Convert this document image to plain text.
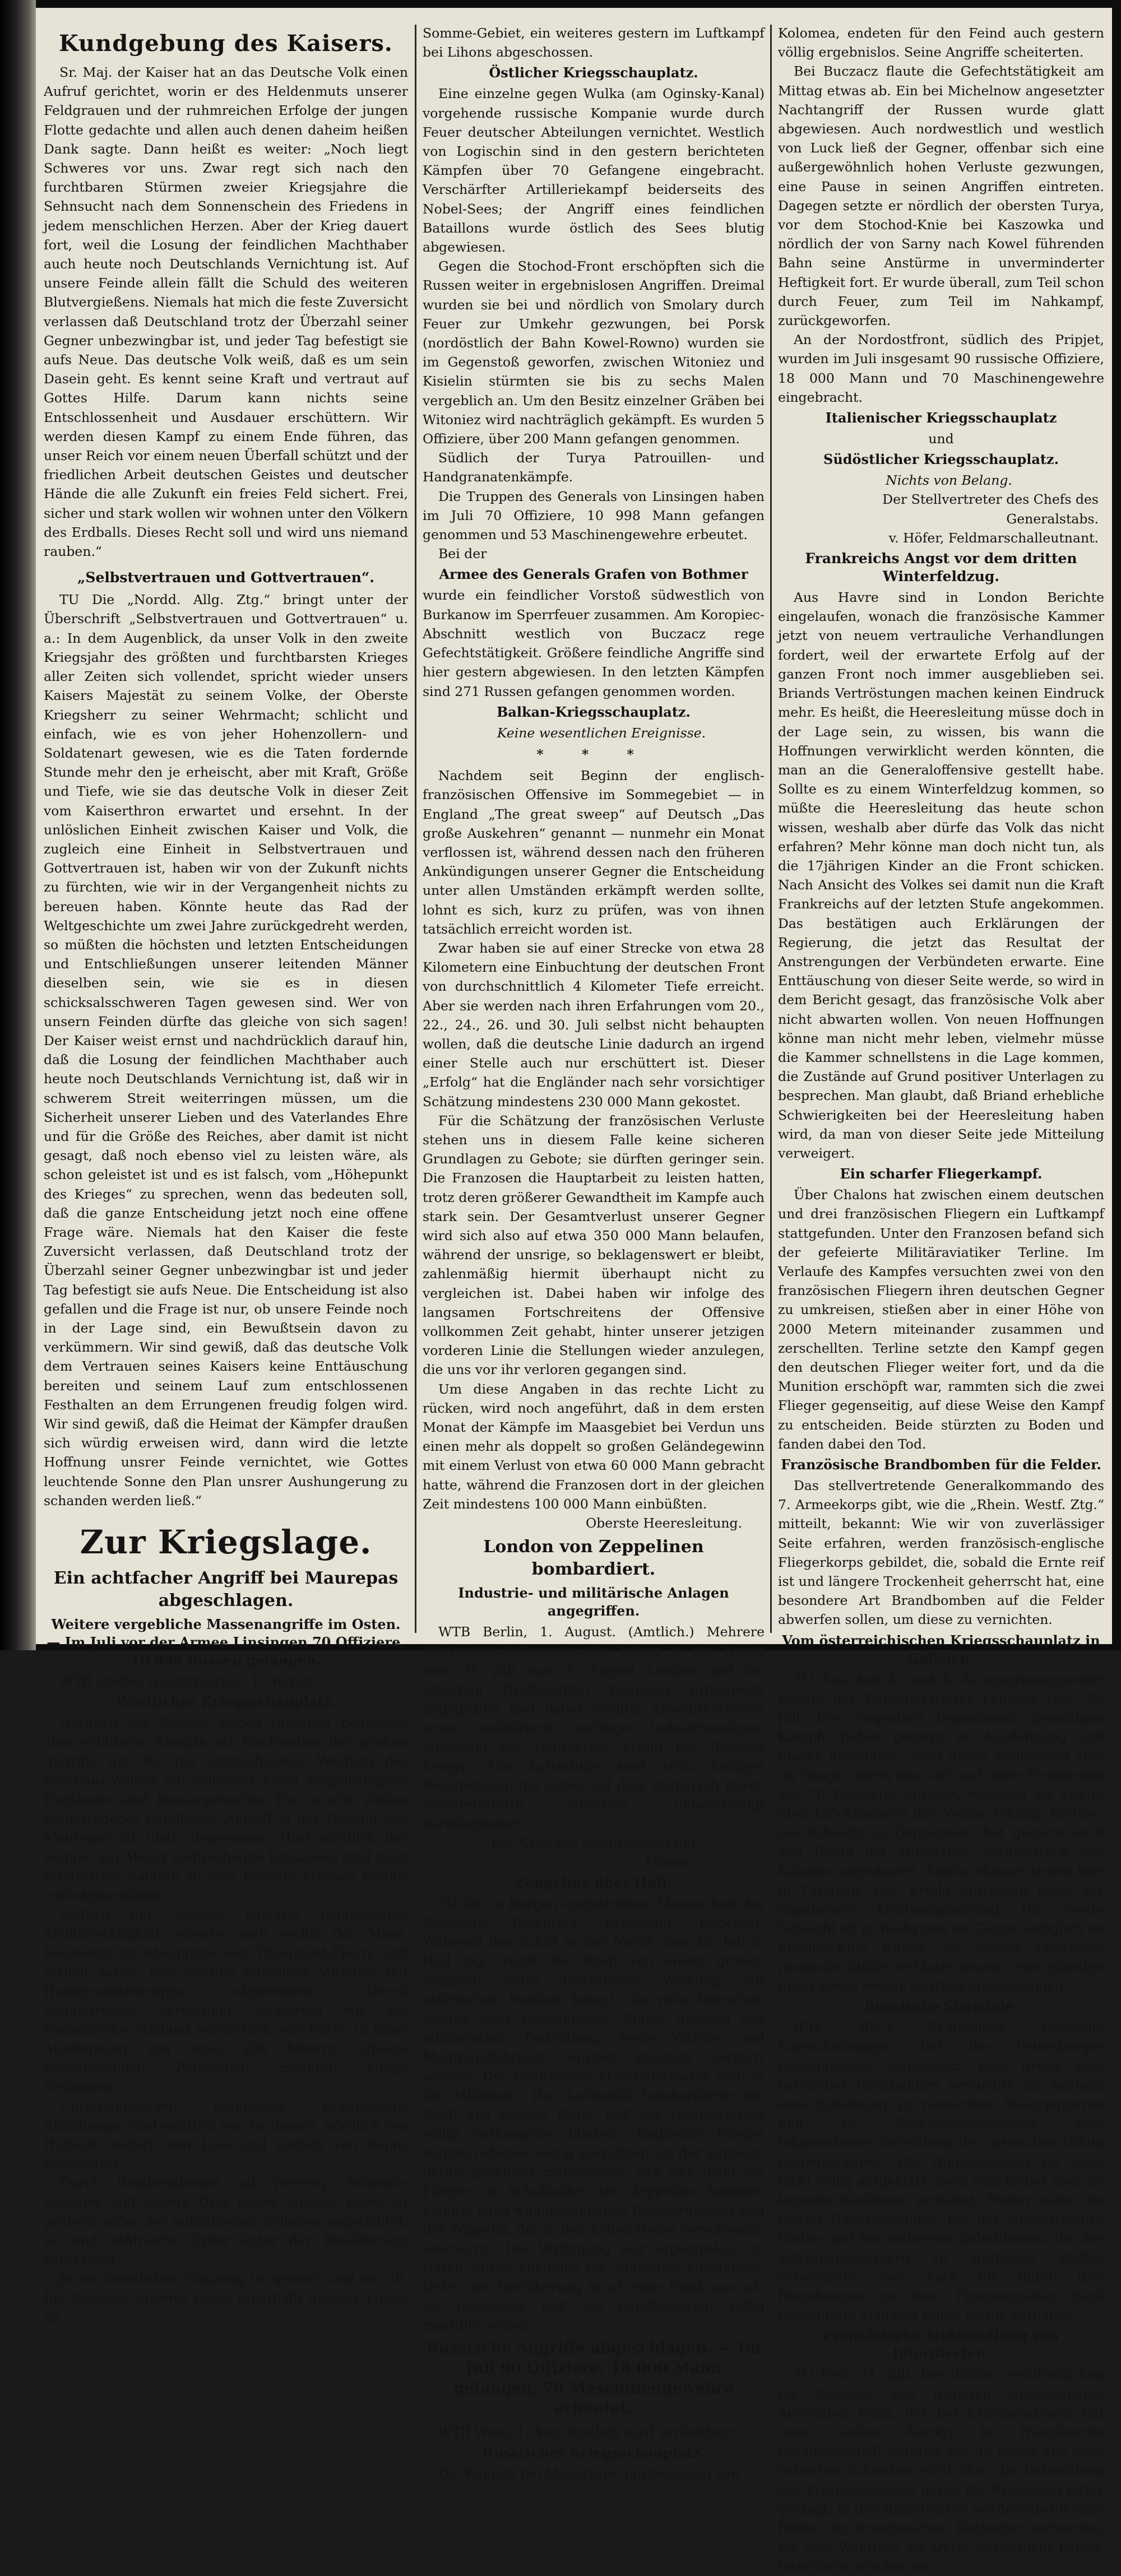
Kundgebung des Kaisers.

Sr. Maj. der Kaiser hat an das Deutsche Volk einen Aufruf gerichtet, worin er des Heldenmuts unserer Feldgrauen und der ruhmreichen Erfolge der jungen Flotte gedachte und allen auch denen daheim heißen Dank sagte. Dann heißt es weiter: „Noch liegt Schweres vor uns. Zwar regt sich nach den furchtbaren Stürmen zweier Kriegsjahre die Sehnsucht nach dem Sonnenschein des Friedens in jedem menschlichen Herzen. Aber der Krieg dauert fort, weil die Losung der feindlichen Machthaber auch heute noch Deutschlands Vernichtung ist. Auf unsere Feinde allein fällt die Schuld des weiteren Blutvergießens. Niemals hat mich die feste Zuversicht verlassen daß Deutschland trotz der Überzahl seiner Gegner unbezwingbar ist, und jeder Tag befestigt sie aufs Neue. Das deutsche Volk weiß, daß es um sein Dasein geht. Es kennt seine Kraft und vertraut auf Gottes Hilfe. Darum kann nichts seine Entschlossenheit und Ausdauer erschüttern. Wir werden diesen Kampf zu einem Ende führen, das unser Reich vor einem neuen Überfall schützt und der friedlichen Arbeit deutschen Geistes und deutscher Hände die alle Zukunft ein freies Feld sichert. Frei, sicher und stark wollen wir wohnen unter den Völkern des Erdballs. Dieses Recht soll und wird uns niemand rauben.“

„Selbstvertrauen und Gottvertrauen“.

TU Die „Nordd. Allg. Ztg.“ bringt unter der Überschrift „Selbstvertrauen und Gottvertrauen“ u. a.: In dem Augenblick, da unser Volk in den zweite Kriegsjahr des größten und furchtbarsten Krieges aller Zeiten sich vollendet, spricht wieder unsers Kaisers Majestät zu seinem Volke, der Oberste Kriegsherr zu seiner Wehrmacht; schlicht und einfach, wie es von jeher Hohenzollern- und Soldatenart gewesen, wie es die Taten fordernde Stunde mehr den je erheischt, aber mit Kraft, Größe und Tiefe, wie sie das deutsche Volk in dieser Zeit vom Kaiserthron erwartet und ersehnt. In der unlöslichen Einheit zwischen Kaiser und Volk, die zugleich eine Einheit in Selbstvertrauen und Gottvertrauen ist, haben wir von der Zukunft nichts zu fürchten, wie wir in der Vergangenheit nichts zu bereuen haben. Könnte heute das Rad der Weltgeschichte um zwei Jahre zurückgedreht werden, so müßten die höchsten und letzten Entscheidungen und Entschließungen unserer leitenden Männer dieselben sein, wie sie es in diesen schicksalsschweren Tagen gewesen sind. Wer von unsern Feinden dürfte das gleiche von sich sagen! Der Kaiser weist ernst und nachdrücklich darauf hin, daß die Losung der feindlichen Machthaber auch heute noch Deutschlands Vernichtung ist, daß wir in schwerem Streit weiterringen müssen, um die Sicherheit unserer Lieben und des Vaterlandes Ehre und für die Größe des Reiches, aber damit ist nicht gesagt, daß noch ebenso viel zu leisten wäre, als schon geleistet ist und es ist falsch, vom „Höhepunkt des Krieges“ zu sprechen, wenn das bedeuten soll, daß die ganze Entscheidung jetzt noch eine offene Frage wäre. Niemals hat den Kaiser die feste Zuversicht verlassen, daß Deutschland trotz der Überzahl seiner Gegner unbezwingbar ist und jeder Tag befestigt sie aufs Neue. Die Entscheidung ist also gefallen und die Frage ist nur, ob unsere Feinde noch in der Lage sind, ein Bewußtsein davon zu verkümmern. Wir sind gewiß, daß das deutsche Volk dem Vertrauen seines Kaisers keine Enttäuschung bereiten und seinem Lauf zum entschlossenen Festhalten an dem Errungenen freudig folgen wird. Wir sind gewiß, daß die Heimat der Kämpfer draußen sich würdig erweisen wird, dann wird die letzte Hoffnung unsrer Feinde vernichtet, wie Gottes leuchtende Sonne den Plan unsrer Aushungerung zu schanden werden ließ.“

Zur Kriegslage.
Ein achtfacher Angriff bei Maurepas abgeschlagen.
Weitere vergebliche Massenangriffe im Osten. — Im Juli vor der Armee Linsingen 70 Offiziere, 10 998 Russen gefangen.

WTB Großes Hauptquartier, 1. August.

Westlicher Kriegsschauplatz.

Nördlich der Somme haben räumlich begrenzte aber erbitterte Kämpfe als Nachwehen der großen Angriffe am 30. Juli stattgefunden. Westlich des Foureaux-Waldes auf schmaler Front eingedrungene Engländer sind hinausgeworfen. Ein in acht Wellen vorgetragener feindlicher Angriff in der Gegend von Maurepas ist glatt abgewiesen. Hart nördlich der Somme am Abend vorbrechende Franzosen sind nach erbittertem Kampfe an dem Gehöfte Monacu restlos zurückgeschlagen.

Südlich der Somme lebhafte beiderseitige Artillerietätigkeit, ebenso auch rechts der Maas, besonders im Abschnitte von Thiaumont-Fleury und östlich davon; hier wurden feindliche Vorstöße mit Handgranatentrupps abgewiesen. Durch umfangreiche Sprengung zerstörten wir die französische Stellung nordöstlich von Flirey in einer Ausdehnung von etwa 200 Metern. Unsere nachstoßenden Patrouillen machten einige Gefangene.

Unternehmungen feindlicher Erkundungs-Abteilungen sind westlich von La Bassée, nördlich von Hulluch, südlich von Loos und südlich von Reims gescheitert.

Durch Bombenabwurf auf Wervicq, Belgisch-Comines und andere Orte hinter unserer Front ist gestern außer der militärischer Schaden angerichtet; es sind zahlreiche Opfer unter der Bevölkerung verursacht.

Je ein feindliches Flugzeug ist gestern und am 30. Juli diesseits unserer Front innerhalb unserer Linien im

Somme-Gebiet, ein weiteres gestern im Luftkampf bei Lihons abgeschossen.

Östlicher Kriegsschauplatz.

Eine einzelne gegen Wulka (am Oginsky-Kanal) vorgehende russische Kompanie wurde durch Feuer deutscher Abteilungen vernichtet. Westlich von Logischin sind in den gestern berichteten Kämpfen über 70 Gefangene eingebracht. Verschärfter Artilleriekampf beiderseits des Nobel-Sees; der Angriff eines feindlichen Bataillons wurde östlich des Sees blutig abgewiesen.

Gegen die Stochod-Front erschöpften sich die Russen weiter in ergebnislosen Angriffen. Dreimal wurden sie bei und nördlich von Smolary durch Feuer zur Umkehr gezwungen, bei Porsk (nordöstlich der Bahn Kowel-Rowno) wurden sie im Gegenstoß geworfen, zwischen Witoniez und Kisielin stürmten sie bis zu sechs Malen vergeblich an. Um den Besitz einzelner Gräben bei Witoniez wird nachträglich gekämpft. Es wurden 5 Offiziere, über 200 Mann gefangen genommen.

Südlich der Turya Patrouillen- und Handgranatenkämpfe.

Die Truppen des Generals von Linsingen haben im Juli 70 Offiziere, 10 998 Mann gefangen genommen und 53 Maschinengewehre erbeutet.

Bei der

Armee des Generals Grafen von Bothmer

wurde ein feindlicher Vorstoß südwestlich von Burkanow im Sperrfeuer zusammen. Am Koropiec-Abschnitt westlich von Buczacz rege Gefechtstätigkeit. Größere feindliche Angriffe sind hier gestern abgewiesen. In den letzten Kämpfen sind 271 Russen gefangen genommen worden.

Balkan-Kriegsschauplatz.

Keine wesentlichen Ereignisse.

* * *

Nachdem seit Beginn der englisch-französischen Offensive im Sommegebiet — in England „The great sweep“ auf Deutsch „Das große Auskehren“ genannt — nunmehr ein Monat verflossen ist, während dessen nach den früheren Ankündigungen unserer Gegner die Entscheidung unter allen Umständen erkämpft werden sollte, lohnt es sich, kurz zu prüfen, was von ihnen tatsächlich erreicht worden ist.

Zwar haben sie auf einer Strecke von etwa 28 Kilometern eine Einbuchtung der deutschen Front von durchschnittlich 4 Kilometer Tiefe erreicht. Aber sie werden nach ihren Erfahrungen vom 20., 22., 24., 26. und 30. Juli selbst nicht behaupten wollen, daß die deutsche Linie dadurch an irgend einer Stelle auch nur erschüttert ist. Dieser „Erfolg“ hat die Engländer nach sehr vorsichtiger Schätzung mindestens 230 000 Mann gekostet.

Für die Schätzung der französischen Verluste stehen uns in diesem Falle keine sicheren Grundlagen zu Gebote; sie dürften geringer sein. Die Franzosen die Hauptarbeit zu leisten hatten, trotz deren größerer Gewandtheit im Kampfe auch stark sein. Der Gesamtverlust unserer Gegner wird sich also auf etwa 350 000 Mann belaufen, während der unsrige, so beklagenswert er bleibt, zahlenmäßig hiermit überhaupt nicht zu vergleichen ist. Dabei haben wir infolge des langsamen Fortschreitens der Offensive vollkommen Zeit gehabt, hinter unserer jetzigen vorderen Linie die Stellungen wieder anzulegen, die uns vor ihr verloren gegangen sind.

Um diese Angaben in das rechte Licht zu rücken, wird noch angeführt, daß in dem ersten Monat der Kämpfe im Maasgebiet bei Verdun uns einen mehr als doppelt so großen Geländegewinn mit einem Verlust von etwa 60 000 Mann gebracht hatte, während die Franzosen dort in der gleichen Zeit mindestens 100 000 Mann einbüßten.

Oberste Heeresleitung.

London von Zeppelinen bombardiert.
Industrie- und militärische Anlagen angegriffen.

WTB Berlin, 1. August. (Amtlich.) Mehrere Marineluftschiffgeschwader haben in der Nacht vom 31. Juli zum 1. August London und die östlichen Grafschaften Englands erfolgreich angegriffen und dabei Schiffe, Abwehrbatterien sowie militärisch wichtige Industrieanlagen ausgiebig mit sichtbarem Erfolg mit Bomben belegt. Alle Luftschiffe sind trotz heftiger Beschießung, die schon auf dem Anmarsch durch Seestreitkräfte einsetzte, unbeschädigt zurückgekehrt.

Der Chef des Admiralstabs der Marine.

Zeppeline über Hull.

TU Die in Bergen eingetroffene Mannschaft des Stavanger Dampfers „Krossfond“ berichtet: Während das Schiff in der Nacht zum 28. Juli in Hull lag, wurde die Stadt von einem großen Zeppelin unter furchtbarer Wirkung mit zahlreichen Bomben belegt, die viele Menschen töteten oder verwundeten. Einige Anlagen von militärischer Bedeutung, sowie Waffen- und Munitionsfabriken wurden gänzlich zerstört worden. Der verursachte Materialschaden geht in die Millionen. Das Luftschiff bombardierte die Stadt aus solcher Höhe, daß die Landbatterien völlig wirkungslos blieben. Englische Flieger konnten ebenso wenig ausrichten, da der Zeppelin derart geschickt manövrierte, daß sich nicht ein Flieger in Schußnähe des Zeppelins kommen konnte, nach wohlgelungenem Bombardement flog der Zeppelin, der in den hohen Nebel verschwand, westwärts. Die Verfolgung war ergebnislos. Im Hafen wurde ebenfalls ein Volltreffer konstatiert. Unter der Bevölkerung brach eine Panik aus, als sie feststellte, daß die Landbatterien völlig machtlos waren.

Russische Angriffe abgeschlagen. — Im Juli 90 Offiziere, 18 000 Mann gefangen, 70 Maschinengewehre erbeutet.

WTB Wien, 1. Aug. Amtlich wird verlautbart:

Russischer Kriegsschauplatz.

Die Kämpfe bei Molodylow, nordwestlich von

Kolomea, endeten für den Feind auch gestern völlig ergebnislos. Seine Angriffe scheiterten.

Bei Buczacz flaute die Gefechtstätigkeit am Mittag etwas ab. Ein bei Michelnow angesetzter Nachtangriff der Russen wurde glatt abgewiesen. Auch nordwestlich und westlich von Luck ließ der Gegner, offenbar sich eine außergewöhnlich hohen Verluste gezwungen, eine Pause in seinen Angriffen eintreten. Dagegen setzte er nördlich der obersten Turya, vor dem Stochod-Knie bei Kaszowka und nördlich der von Sarny nach Kowel führenden Bahn seine Anstürme in unverminderter Heftigkeit fort. Er wurde überall, zum Teil schon durch Feuer, zum Teil im Nahkampf, zurückgeworfen.

An der Nordostfront, südlich des Pripjet, wurden im Juli insgesamt 90 russische Offiziere, 18 000 Mann und 70 Maschinengewehre eingebracht.

Italienischer Kriegsschauplatz
und
Südöstlicher Kriegsschauplatz.

Nichts von Belang.

Der Stellvertreter des Chefs des Generalstabs.

v. Höfer, Feldmarschalleutnant.

Frankreichs Angst vor dem dritten Winterfeldzug.

Aus Havre sind in London Berichte eingelaufen, wonach die französische Kammer jetzt von neuem vertrauliche Verhandlungen fordert, weil der erwartete Erfolg auf der ganzen Front noch immer ausgeblieben sei. Briands Vertröstungen machen keinen Eindruck mehr. Es heißt, die Heeresleitung müsse doch in der Lage sein, zu wissen, bis wann die Hoffnungen verwirklicht werden könnten, die man an die Generaloffensive gestellt habe. Sollte es zu einem Winterfeldzug kommen, so müßte die Heeresleitung das heute schon wissen, weshalb aber dürfe das Volk das nicht erfahren? Mehr könne man doch nicht tun, als die 17jährigen Kinder an die Front schicken. Nach Ansicht des Volkes sei damit nun die Kraft Frankreichs auf der letzten Stufe angekommen. Das bestätigen auch Erklärungen der Regierung, die jetzt das Resultat der Anstrengungen der Verbündeten erwarte. Eine Enttäuschung von dieser Seite werde, so wird in dem Bericht gesagt, das französische Volk aber nicht abwarten wollen. Von neuen Hoffnungen könne man nicht mehr leben, vielmehr müsse die Kammer schnellstens in die Lage kommen, die Zustände auf Grund positiver Unterlagen zu besprechen. Man glaubt, daß Briand erhebliche Schwierigkeiten bei der Heeresleitung haben wird, da man von dieser Seite jede Mitteilung verweigert.

Ein scharfer Fliegerkampf.

Über Chalons hat zwischen einem deutschen und drei französischen Fliegern ein Luftkampf stattgefunden. Unter den Franzosen befand sich der gefeierte Militäraviatiker Terline. Im Verlaufe des Kampfes versuchten zwei von den französischen Fliegern ihren deutschen Gegner zu umkreisen, stießen aber in einer Höhe von 2000 Metern miteinander zusammen und zerschellten. Terline setzte den Kampf gegen den deutschen Flieger weiter fort, und da die Munition erschöpft war, rammten sich die zwei Flieger gegenseitig, auf diese Weise den Kampf zu entscheiden. Beide stürzten zu Boden und fanden dabei den Tod.

Französische Brandbomben für die Felder.

Das stellvertretende Generalkommando des 7. Armeekorps gibt, wie die „Rhein. Westf. Ztg.“ mitteilt, bekannt: Wie wir von zuverlässiger Seite erfahren, werden französisch-englische Fliegerkorps gebildet, die, sobald die Ernte reif ist und längere Trockenheit geherrscht hat, eine besondere Art Brandbomben auf die Felder abwerfen sollen, um diese zu vernichten.

Vom österreichischen Kriegsschauplatz in Galizien.

TU Aus dem k. und k. Kriegspressequartier meldet der Berichterstatter Lennhof vom 30. Juli: Die vorgestern begonnenen gewaltigen Kämpfe haben gestern an Ausdehnung und Stärke gewonnen. Zwei große Schlachten sind im Gange, deren eine sich auf einer Frontbreite von 70 Kilometer abspielt, während die zweite über 125 Kilometer ihre Wellen schlägt. Erstere, die Schlacht in Ostgalizien, hat gestern auch den Raum um Molodylow nordwestlich von Kolomea angedauert. Starke Massen traten hier in Tätigkeit. Der Erfolg entsprach nicht der ungeheuren Kräfteanspannung. Die zweite Schlacht ist in Wolhynien im Gange; lediglich im Stochod-Knie wurde, wo namen zahlreiche russische Stöße verblutet waren, eine günstige Front etwas weiter westlich eingenommen.

Russische Skandale.

(Ctr. Bln.) Skandalöse russische Kursschiebungen hat die Petersburger Geheimpolizei aufgedeckt. Eine große Zahl russischer Großbanken versuchte im Ausland eine Schiebung in russischen Staatspapieren und zu Spekulationszwecken eine folgenschwere Zerrüttung der russischen Valuta herbeizuführen. Die Angelegenheit ist noch nicht völlig aufgeklärt, doch sind bisher über 59 leitende Bankleute verhaftet. Ferner nahm die Polizei Haussuchungen bei der Operettendiva Dinina und bei mehreren Balettdamen, die der Schwindelbankzern an amtlichen Stellen verwendete, vor. Auch die durch ihre Beziehungen zu dem Finanzminister Bark berüchtigte Madama Biljag wurde verhaftet.

Französische Mißhandlung von Internierten.

TU Pest, 31. Juli. Die Blätter veröffentlichen die Berichte des früheren Abgeordneten Advokaten Buza, der bei Kriegsausbruch mit dem Grafen Karolyi in französische Gefangenschaft geraten war. In einem aus Uzes datierten Schreiben wird über die Behandlung der Zivilinternierten durch die Franzosen bitter geklagt; in den Einzelheiten werden abstoßende Bilder der französischen Rachegier entworfen, die sich Wehrlose als Opfer ausgesucht haben. Internierte wurden von
